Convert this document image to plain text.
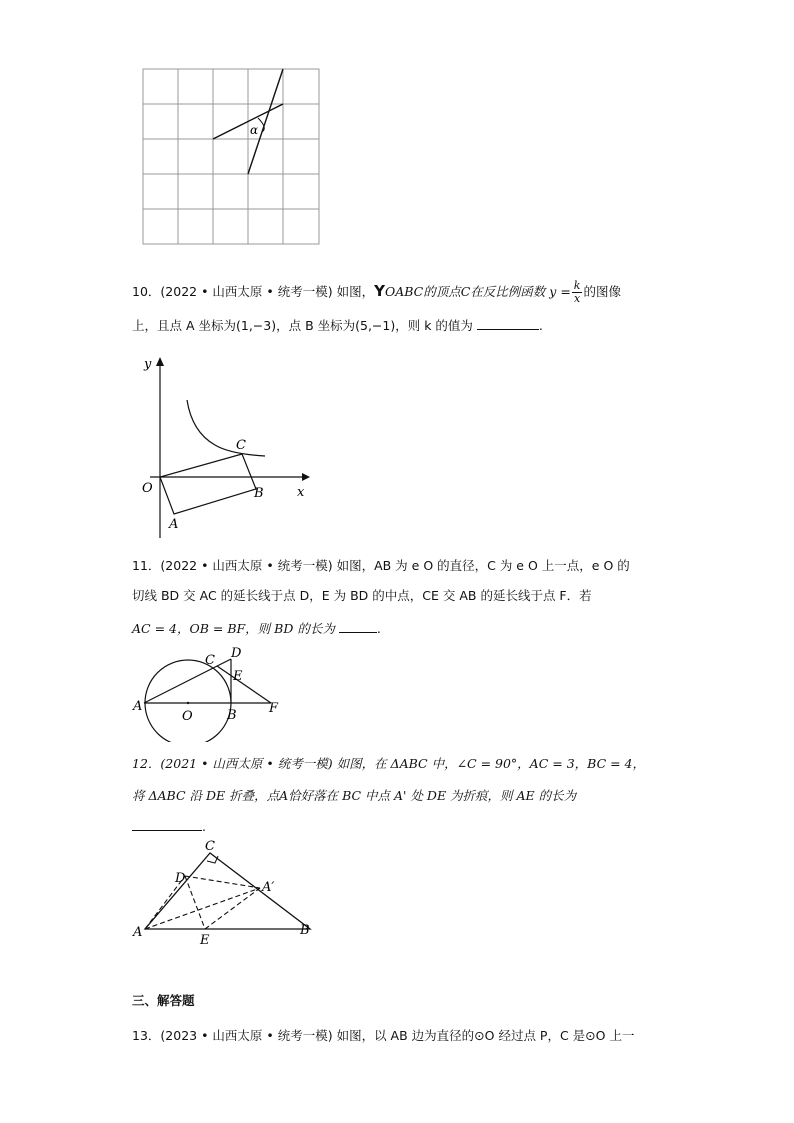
α
10．(2022 • 山西太原 • 统考一模) 如图，YOABC的顶点C在反比例函数 $y = \frac{k}{x}$ 的图像
上，且点 A 坐标为(1,−3)，点 B 坐标为(5,−1)，则 k 的值为	.
y
x
O
A
B
C
11．(2022 • 山西太原 • 统考一模) 如图，AB 为 e O 的直径，C 为 e O 上一点，e O 的
切线 BD 交 AC 的延长线于点 D，E 为 BD 的中点，CE 交 AB 的延长线于点 F．若
AC = 4，OB = BF，则 BD 的长为	.
A
B
C D
E
F
O
12．(2021 • 山西太原 • 统考一模) 如图，在 ΔABC 中，∠C = 90°，AC = 3，BC = 4，
将 ΔABC 沿 DE 折叠，点A恰好落在 BC 中点 A' 处 DE 为折痕，则 AE 的长为
.
A	B
C
D
E
A′
三、解答题
13．(2023 • 山西太原 • 统考一模) 如图，以 AB 边为直径的⊙O 经过点 P，C 是⊙O 上一
